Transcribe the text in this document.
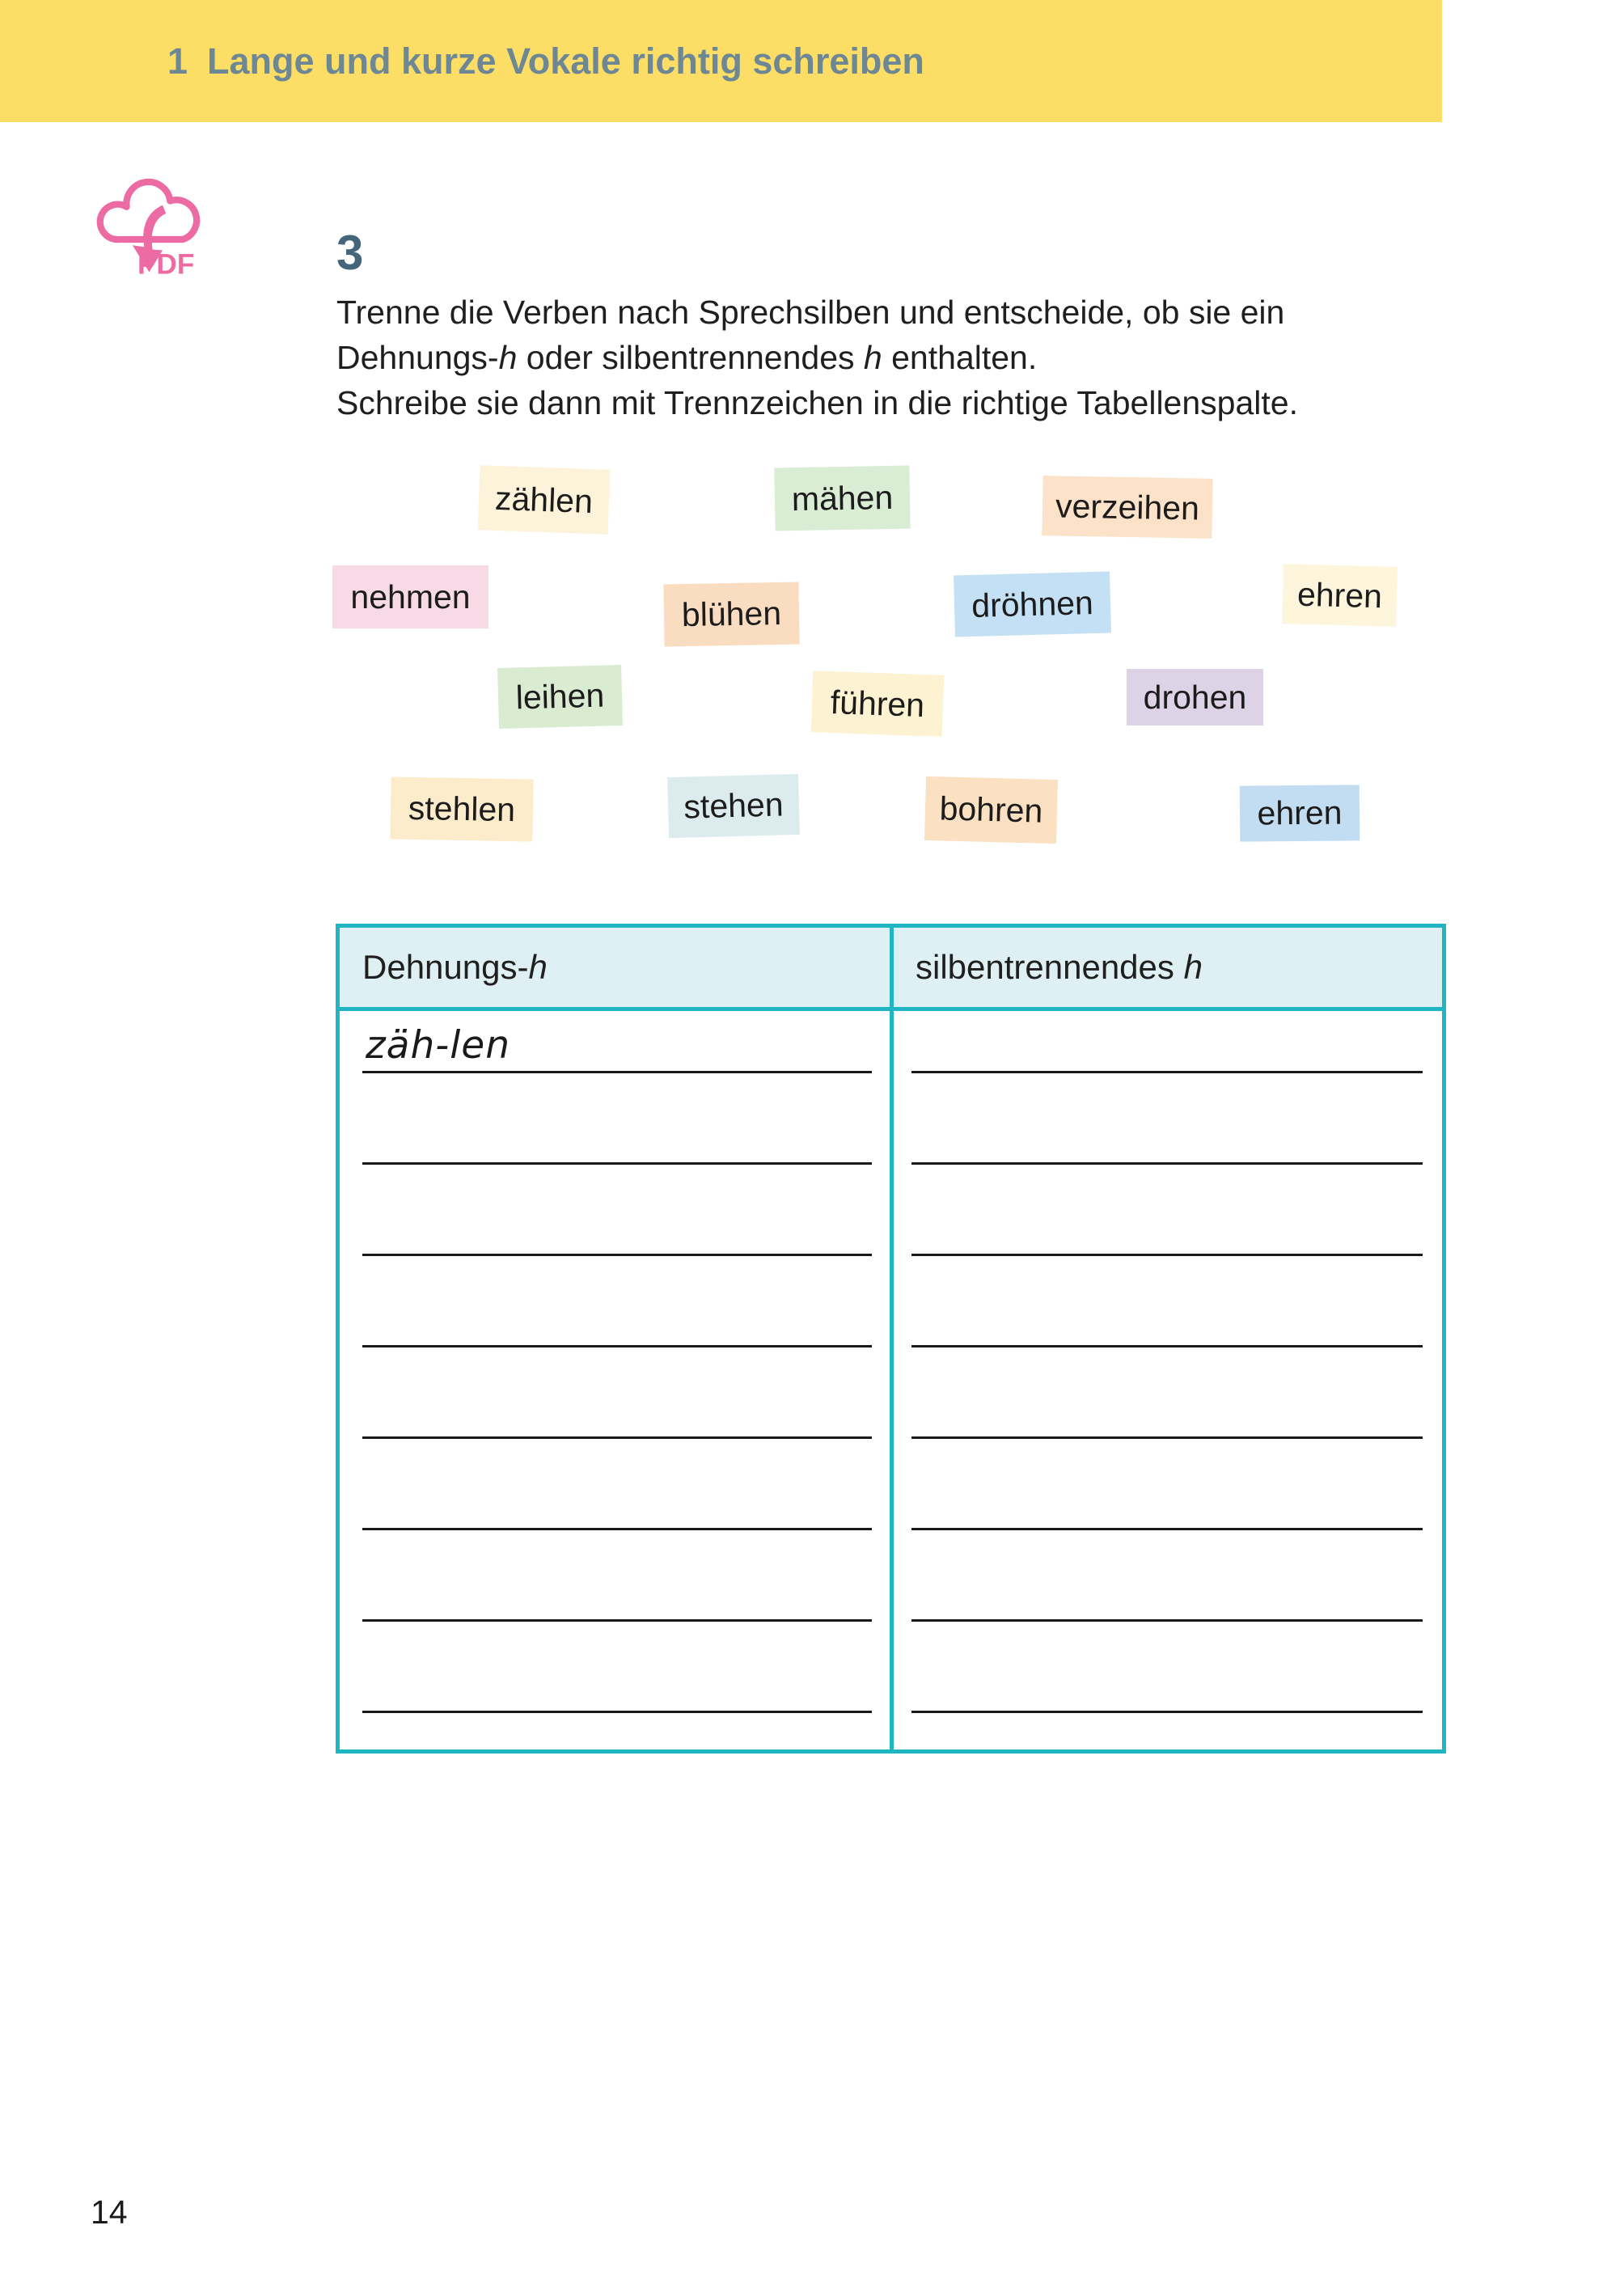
1 Lange und kurze Vokale richtig schreiben
PDF	3
Trenne die Verben nach Sprechsilben und entscheide, ob sie ein
Dehnungs-h oder silbentrennendes h enthalten.
Schreibe sie dann mit Trennzeichen in die richtige Tabellenspalte.
zählen	mähen	verzeihen
nehmen	blühen	dröhnen	ehren
leihen	führen	drohen
stehlen	stehen	bohren	ehren
Dehnungs-h	silbentrennendes h
zäh-len
14
